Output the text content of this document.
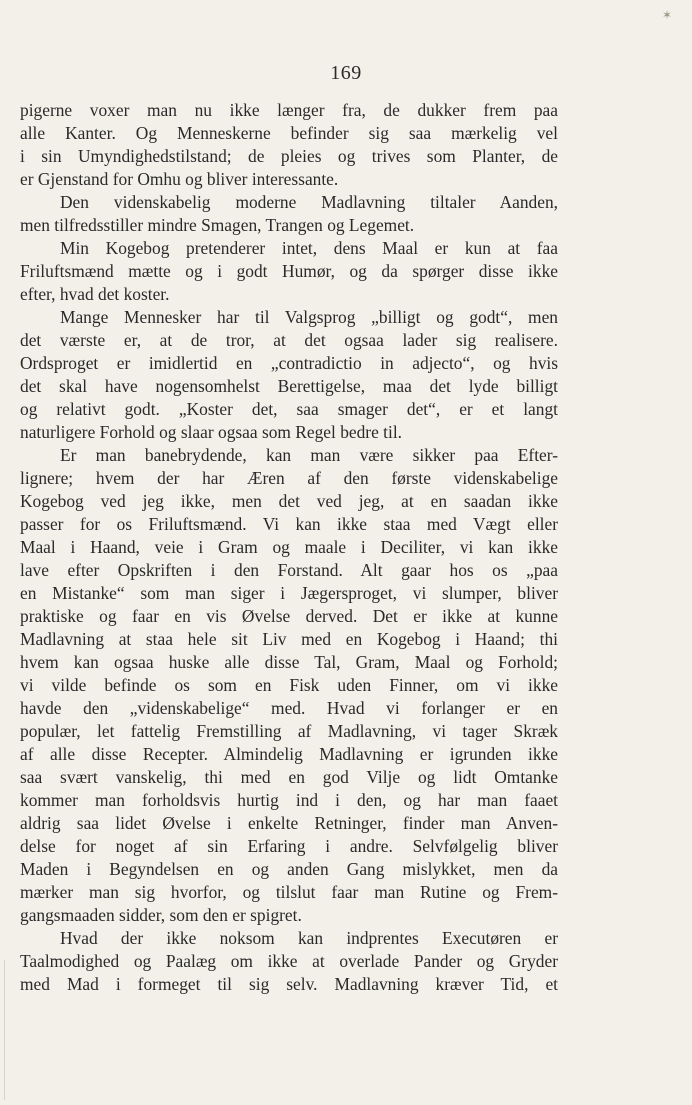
✶
169
pigerne voxer man nu ikke længer fra, de dukker frem paa
alle Kanter. Og Menneskerne befinder sig saa mærkelig vel
i sin Umyndighedstilstand; de pleies og trives som Planter, de
er Gjenstand for Omhu og bliver interessante.
Den videnskabelig moderne Madlavning tiltaler Aanden,
men tilfredsstiller mindre Smagen, Trangen og Legemet.
Min Kogebog pretenderer intet, dens Maal er kun at faa
Friluftsmænd mætte og i godt Humør, og da spørger disse ikke
efter, hvad det koster.
Mange Mennesker har til Valgsprog „billigt og godt“, men
det værste er, at de tror, at det ogsaa lader sig realisere.
Ordsproget er imidlertid en „contradictio in adjecto“, og hvis
det skal have nogensomhelst Berettigelse, maa det lyde billigt
og relativt godt. „Koster det, saa smager det“, er et langt
naturligere Forhold og slaar ogsaa som Regel bedre til.
Er man banebrydende, kan man være sikker paa Efter-
lignere; hvem der har Æren af den første videnskabelige
Kogebog ved jeg ikke, men det ved jeg, at en saadan ikke
passer for os Friluftsmænd. Vi kan ikke staa med Vægt eller
Maal i Haand, veie i Gram og maale i Deciliter, vi kan ikke
lave efter Opskriften i den Forstand. Alt gaar hos os „paa
en Mistanke“ som man siger i Jægersproget, vi slumper, bliver
praktiske og faar en vis Øvelse derved. Det er ikke at kunne
Madlavning at staa hele sit Liv med en Kogebog i Haand; thi
hvem kan ogsaa huske alle disse Tal, Gram, Maal og Forhold;
vi vilde befinde os som en Fisk uden Finner, om vi ikke
havde den „videnskabelige“ med. Hvad vi forlanger er en
populær, let fattelig Fremstilling af Madlavning, vi tager Skræk
af alle disse Recepter. Almindelig Madlavning er igrunden ikke
saa svært vanskelig, thi med en god Vilje og lidt Omtanke
kommer man forholdsvis hurtig ind i den, og har man faaet
aldrig saa lidet Øvelse i enkelte Retninger, finder man Anven-
delse for noget af sin Erfaring i andre. Selvfølgelig bliver
Maden i Begyndelsen en og anden Gang mislykket, men da
mærker man sig hvorfor, og tilslut faar man Rutine og Frem-
gangsmaaden sidder, som den er spigret.
Hvad der ikke noksom kan indprentes Executøren er
Taalmodighed og Paalæg om ikke at overlade Pander og Gryder
med Mad i formeget til sig selv. Madlavning kræver Tid, et
